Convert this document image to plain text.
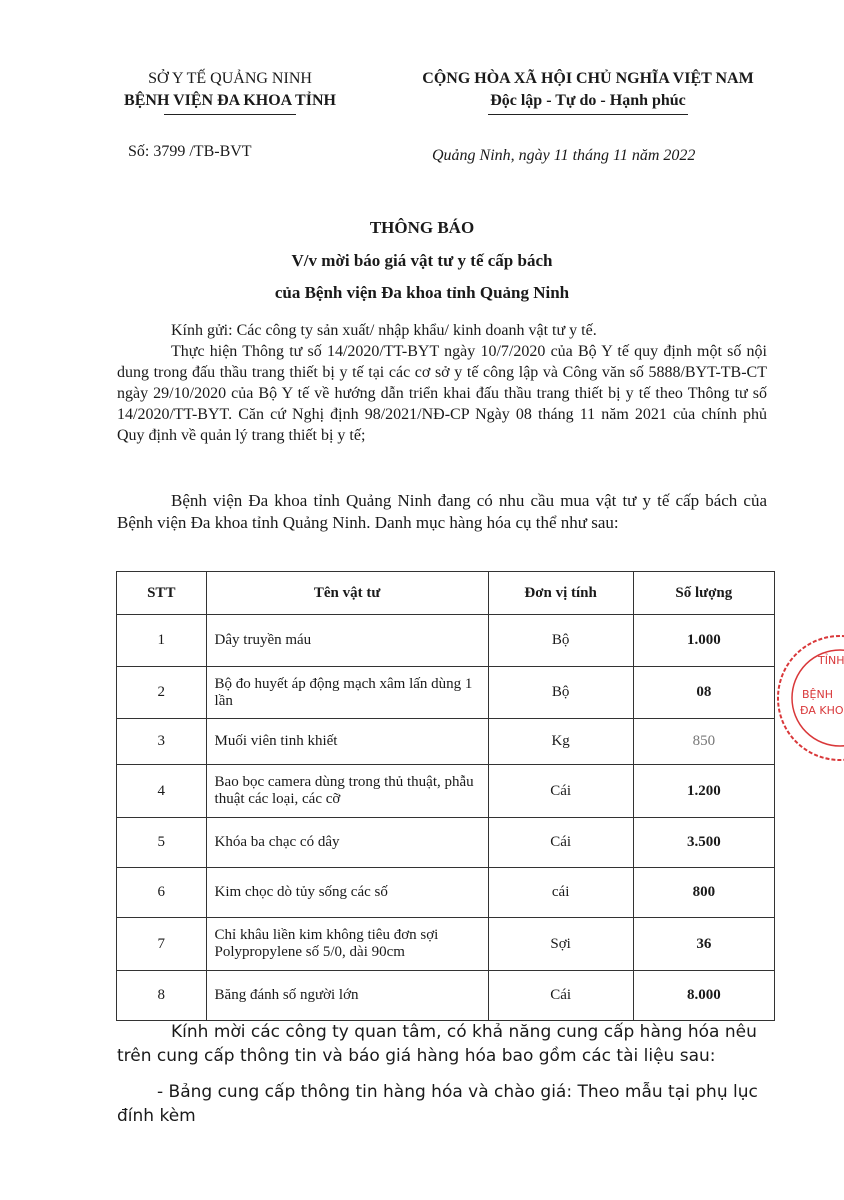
SỞ Y TẾ QUẢNG NINH
BỆNH VIỆN ĐA KHOA TỈNH
CỘNG HÒA XÃ HỘI CHỦ NGHĨA VIỆT NAM
Độc lập - Tự do - Hạnh phúc
Số: 3799 /TB-BVT	Quảng Ninh, ngày 11 tháng 11 năm 2022
THÔNG BÁO
V/v mời báo giá vật tư y tế cấp bách
của Bệnh viện Đa khoa tỉnh Quảng Ninh

Kính gửi: Các công ty sản xuất/ nhập khẩu/ kinh doanh vật tư y tế.

Thực hiện Thông tư số 14/2020/TT-BYT ngày 10/7/2020 của Bộ Y tế quy định một số nội dung trong đấu thầu trang thiết bị y tế tại các cơ sở y tế công lập và Công văn số 5888/BYT-TB-CT ngày 29/10/2020 của Bộ Y tế về hướng dẫn triển khai đấu thầu trang thiết bị y tế theo Thông tư số 14/2020/TT-BYT. Căn cứ Nghị định 98/2021/NĐ-CP Ngày 08 tháng 11 năm 2021 của chính phủ Quy định về quản lý trang thiết bị y tế;

Bệnh viện Đa khoa tỉnh Quảng Ninh đang có nhu cầu mua vật tư y tế cấp bách của Bệnh viện Đa khoa tỉnh Quảng Ninh. Danh mục hàng hóa cụ thể như sau:

STT	Tên vật tư	Đơn vị tính	Số lượng
1	Dây truyền máu	Bộ	1.000
2	Bộ đo huyết áp động mạch xâm lấn dùng 1 lần	Bộ	08
3	Muối viên tinh khiết	Kg	850
4	Bao bọc camera dùng trong thủ thuật, phẫu thuật các loại, các cỡ	Cái	1.200
5	Khóa ba chạc có dây	Cái	3.500
6	Kim chọc dò tủy sống các số	cái	800
7	Chỉ khâu liền kim không tiêu đơn sợi Polypropylene số 5/0, dài 90cm	Sợi	36
8	Băng đánh số người lớn	Cái	8.000

Kính mời các công ty quan tâm, có khả năng cung cấp hàng hóa nêu trên cung cấp thông tin và báo giá hàng hóa bao gồm các tài liệu sau:

- Bảng cung cấp thông tin hàng hóa và chào giá: Theo mẫu tại phụ lục đính kèm

TỈNH
BỆNH
ĐA KHO
